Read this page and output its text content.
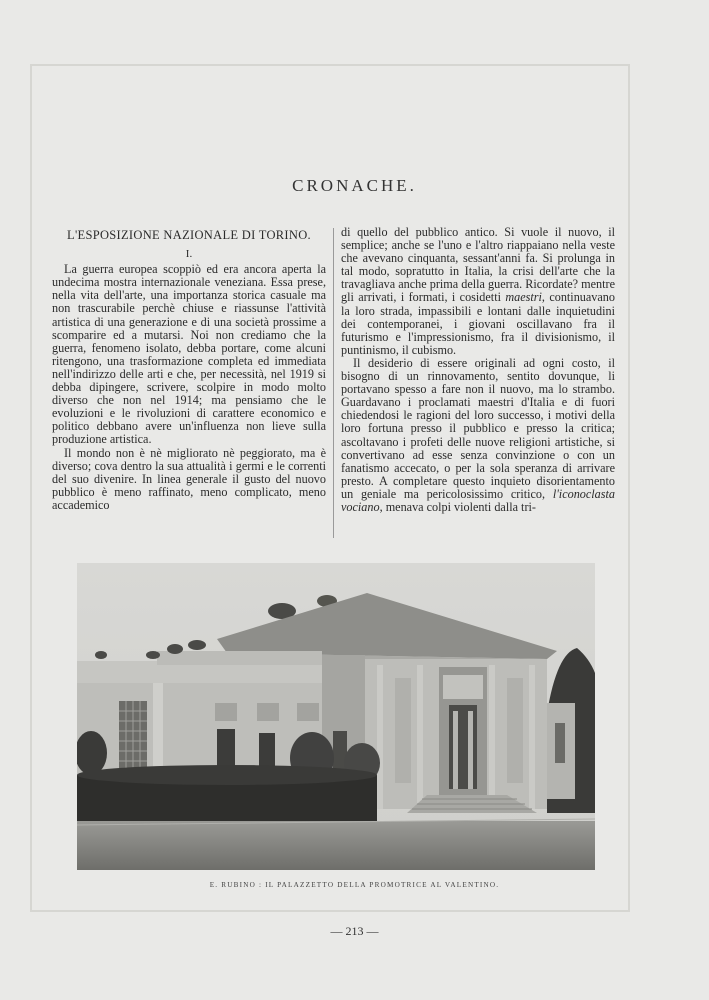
CRONACHE.
L'ESPOSIZIONE NAZIONALE DI TORINO.
I.

La guerra europea scoppiò ed era ancora aperta la undecima mostra internazionale veneziana. Essa prese, nella vita dell'arte, una importanza storica casuale ma non trascurabile perchè chiuse e riassunse l'attività artistica di una generazione e di una società prossime a scomparire ed a mutarsi. Noi non crediamo che la guerra, fenomeno isolato, debba portare, come alcuni ritengono, una trasformazione completa ed immediata nell'indirizzo delle arti e che, per necessità, nel 1919 si debba dipingere, scrivere, scolpire in modo molto diverso che non nel 1914; ma pensiamo che le evoluzioni e le rivoluzioni di carattere economico e politico debbano avere un'influenza non lieve sulla produzione artistica.

Il mondo non è nè migliorato nè peggiorato, ma è diverso; cova dentro la sua attualità i germi e le correnti del suo divenire. In linea generale il gusto del nuovo pubblico è meno raffinato, meno complicato, meno accademico

di quello del pubblico antico. Si vuole il nuovo, il semplice; anche se l'uno e l'altro riappaiano nella veste che avevano cinquanta, sessant'anni fa. Si prolunga in tal modo, sopratutto in Italia, la crisi dell'arte che la travagliava anche prima della guerra. Ricordate? mentre gli arrivati, i formati, i cosidetti maestri, continuavano la loro strada, impassibili e lontani dalle inquietudini dei contemporanei, i giovani oscillavano fra il futurismo e l'impressionismo, fra il divisionismo, il puntinismo, il cubismo.

Il desiderio di essere originali ad ogni costo, il bisogno di un rinnovamento, sentito dovunque, li portavano spesso a fare non il nuovo, ma lo strambo. Guardavano i proclamati maestri d'Italia e di fuori chiedendosi le ragioni del loro successo, i motivi della loro fortuna presso il pubblico e presso la critica; ascoltavano i profeti delle nuove religioni artistiche, si convertivano ad esse senza convinzione o con un fanatismo accecato, o per la sola speranza di arrivare presto. A completare questo inquieto disorientamento un geniale ma pericolosissimo critico, l'iconoclasta vociano, menava colpi violenti dalla tri-

E. RUBINO : IL PALAZZETTO DELLA PROMOTRICE AL VALENTINO.
— 213 —
